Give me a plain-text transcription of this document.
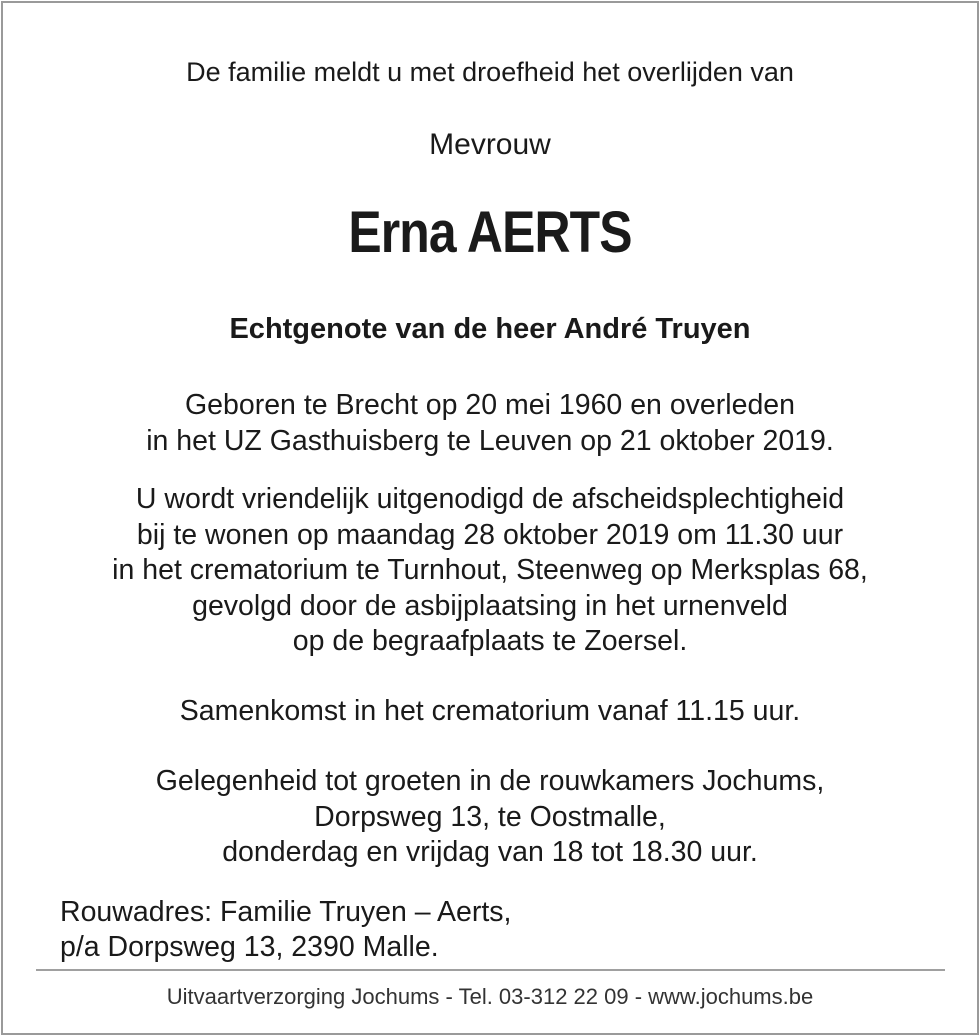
De familie meldt u met droefheid het overlijden van
Mevrouw
Erna AERTS
Echtgenote van de heer André Truyen
Geboren te Brecht op 20 mei 1960 en overleden
in het UZ Gasthuisberg te Leuven op 21 oktober 2019.
U wordt vriendelijk uitgenodigd de afscheidsplechtigheid
bij te wonen op maandag 28 oktober 2019 om 11.30 uur
in het crematorium te Turnhout, Steenweg op Merksplas 68,
gevolgd door de asbijplaatsing in het urnenveld
op de begraafplaats te Zoersel.
Samenkomst in het crematorium vanaf 11.15 uur.
Gelegenheid tot groeten in de rouwkamers Jochums,
Dorpsweg 13, te Oostmalle,
donderdag en vrijdag van 18 tot 18.30 uur.
Rouwadres: Familie Truyen – Aerts,
p/a Dorpsweg 13, 2390 Malle.
Uitvaartverzorging Jochums - Tel. 03-312 22 09 - www.jochums.be
